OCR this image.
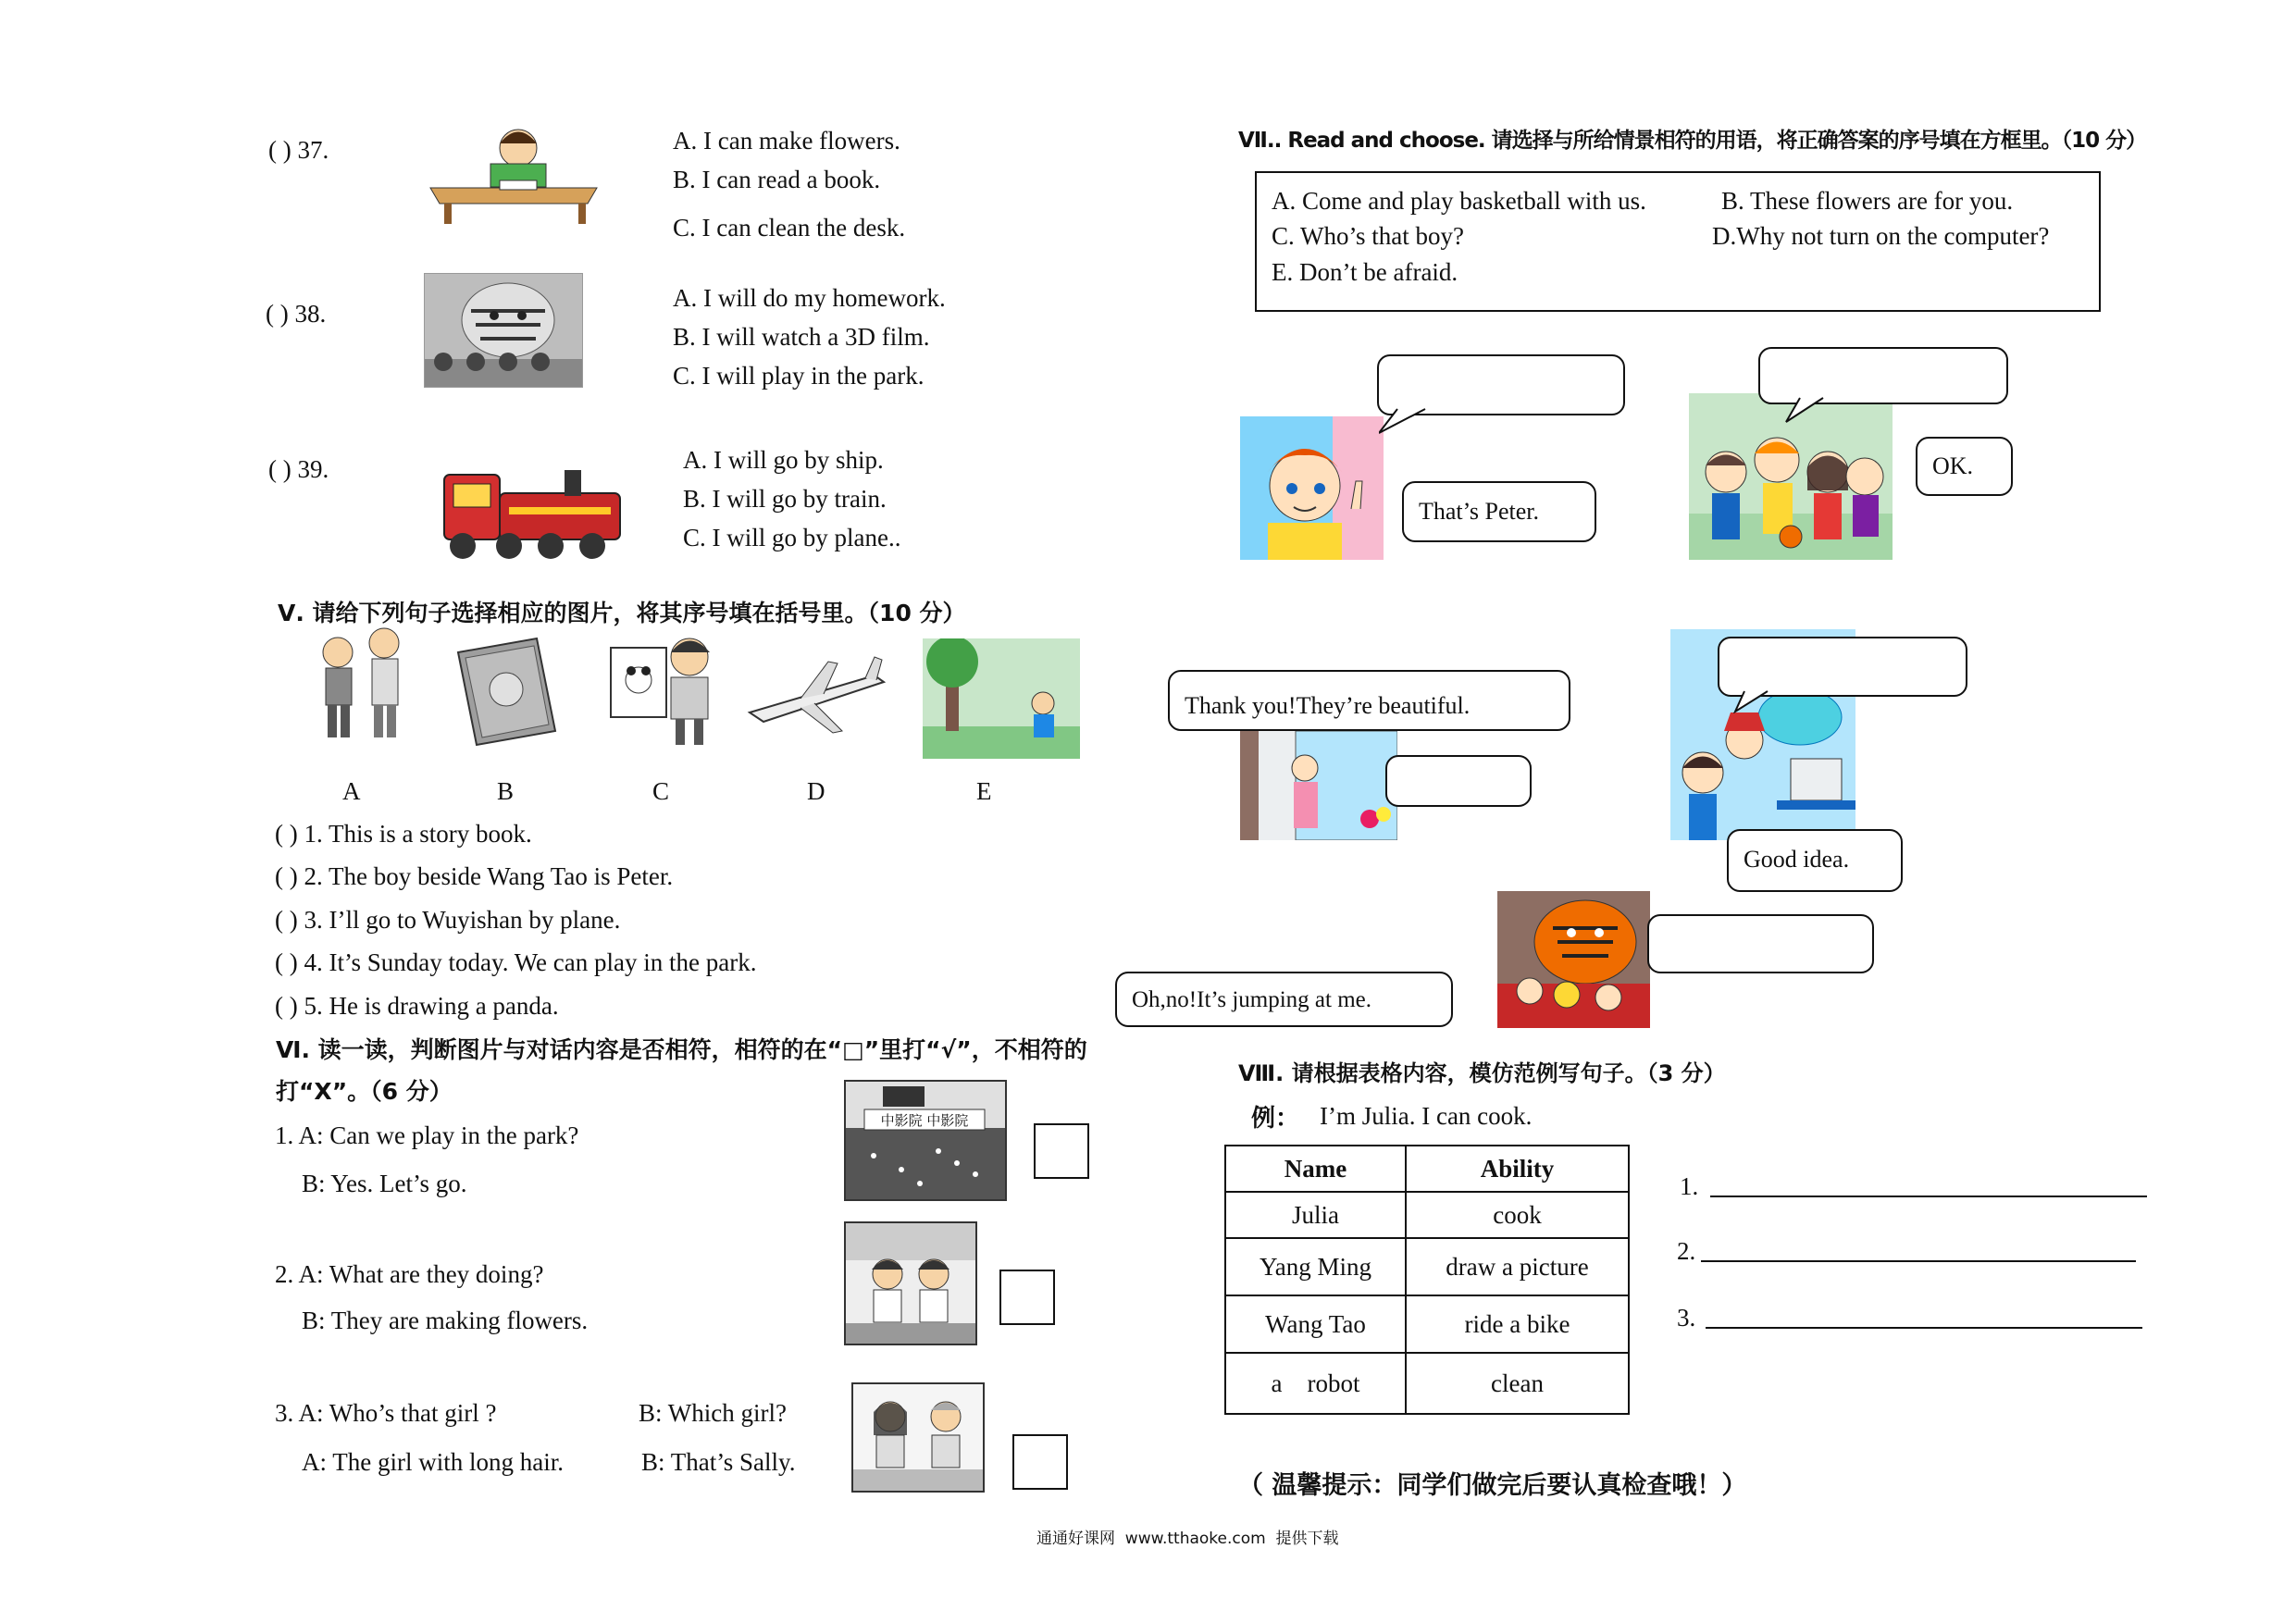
( ) 37.	A. I can make flowers.
B. I can read a book.
C. I can clean the desk.
( ) 38.
A. I will do my homework.
B. I will watch a 3D film.
C. I will play in the park.
( ) 39.	A. I will go by ship.
B. I will go by train.
C. I will go by plane..
Ⅴ. 请给下列句子选择相应的图片，将其序号填在括号里。（10 分）
A	B	C	D	E
( ) 1. This is a story book.
( ) 2. The boy beside Wang Tao is Peter.
( ) 3. I’ll go to Wuyishan by plane.
( ) 4. It’s Sunday today. We can play in the park.
( ) 5. He is drawing a panda.
Ⅵ. 读一读，判断图片与对话内容是否相符，相符的在“□”里打“√”，不相符的
打“X”。（6 分）
1. A: Can we play in the park?
B: Yes. Let’s go.
中影院 中影院
2. A: What are they doing?
B: They are making flowers.
3. A: Who’s that girl ?	B: Which girl?
A: The girl with long hair.	B: That’s Sally.
Ⅶ.. Read and choose. 请选择与所给情景相符的用语，将正确答案的序号填在方框里。（10 分）
A. Come and play basketball with us.	B. These flowers are for you.
C. Who’s that boy?	D.Why not turn on the computer?
E. Don’t be afraid.
That’s Peter.
OK.
Thank you!They’re beautiful.
Good idea.
Oh,no!It’s jumping at me.
Ⅷ. 请根据表格内容，模仿范例写句子。（3 分）
例： I’m Julia. I can cook.
Name	Ability
Julia	cook
Yang Ming	draw a picture
Wang Tao	ride a bike
a    robot	clean
1.
2.
3.
（ 温馨提示：同学们做完后要认真检查哦！）
通通好课网  www.tthaoke.com  提供下载
